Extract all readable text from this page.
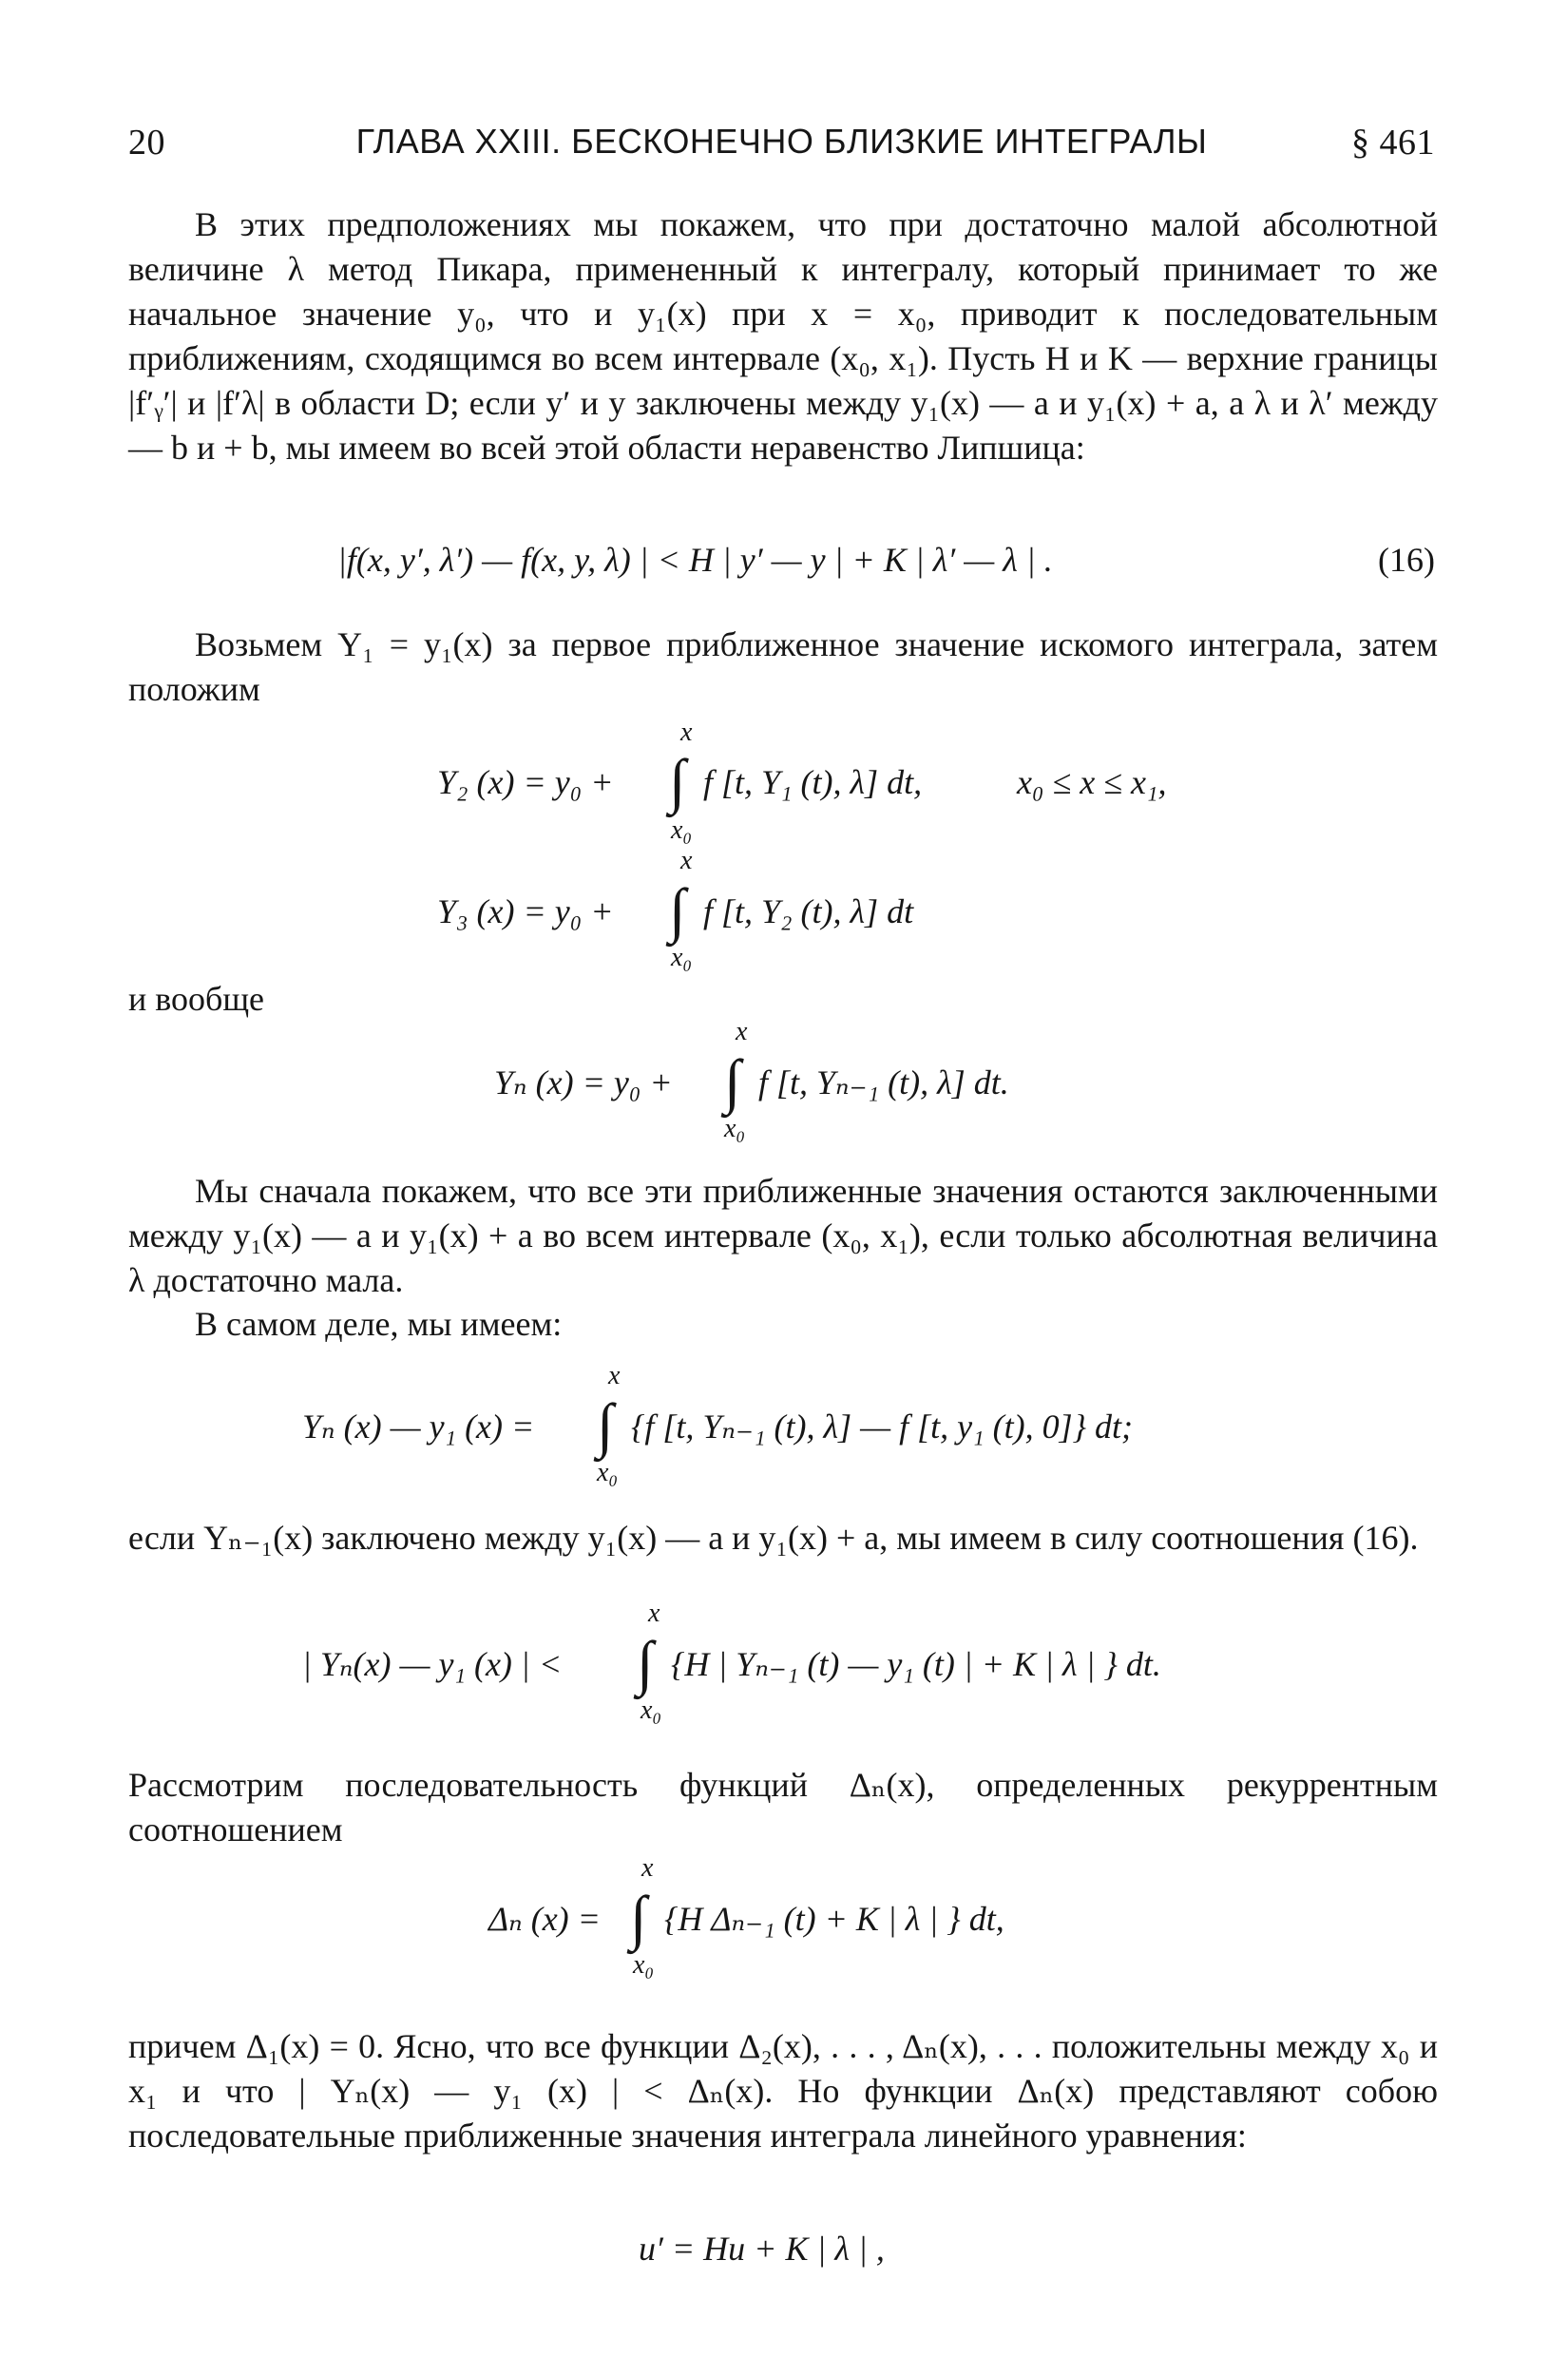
20	ГЛАВА XXIII. БЕСКОНЕЧНО БЛИЗКИЕ ИНТЕГРАЛЫ	§ 461

В этих предположениях мы покажем, что при достаточно малой абсолютной величине λ метод Пикара, примененный к интегралу, который принимает то же начальное значение y₀, что и y₁(x) при x = x₀, приводит к последовательным приближениям, сходящимся во всем интервале (x₀, x₁). Пусть H и K — верхние границы |f′ᵧ′| и |f′λ| в области D; если y′ и y заключены между y₁(x) — a и y₁(x) + a, а λ и λ′ между — b и + b, мы имеем во всей этой области неравенство Липшица:

|f(x, y′, λ′) — f(x, y, λ) | < H | y′ — y | + K | λ′ — λ | .	(16)

Возьмем Y₁ = y₁(x) за первое приближенное значение искомого интеграла, затем положим

x
Y₂ (x) = y₀ + ∫ f [t, Y₁ (t), λ] dt,	x₀ ≤ x ≤ x₁,
x₀
x
Y₃ (x) = y₀ + ∫ f [t, Y₂ (t), λ] dt
x₀

и вообще

x
Yₙ (x) = y₀ + ∫ f [t, Yₙ₋₁ (t), λ] dt.
x₀

Мы сначала покажем, что все эти приближенные значения остаются заключенными между y₁(x) — a и y₁(x) + a во всем интервале (x₀, x₁), если только абсолютная величина λ достаточно мала.

В самом деле, мы имеем:

x
Yₙ (x) — y₁ (x) = ∫ {f [t, Yₙ₋₁ (t), λ] — f [t, y₁ (t), 0]} dt;
x₀

если Yₙ₋₁(x) заключено между y₁(x) — a и y₁(x) + a, мы имеем в силу соотношения (16).

x
| Yₙ(x) — y₁ (x) | < ∫ {H | Yₙ₋₁ (t) — y₁ (t) | + K | λ | } dt.
x₀

Рассмотрим последовательность функций Δₙ(x), определенных рекуррентным соотношением

x
Δₙ (x) = ∫ {H Δₙ₋₁ (t) + K | λ | } dt,
x₀

причем Δ₁(x) = 0. Ясно, что все функции Δ₂(x), . . . , Δₙ(x), . . . положительны между x₀ и x₁ и что | Yₙ(x) — y₁ (x) | < Δₙ(x). Но функции Δₙ(x) представляют собою последовательные приближенные значения интеграла линейного уравнения:

u′ = Hu + K | λ | ,
